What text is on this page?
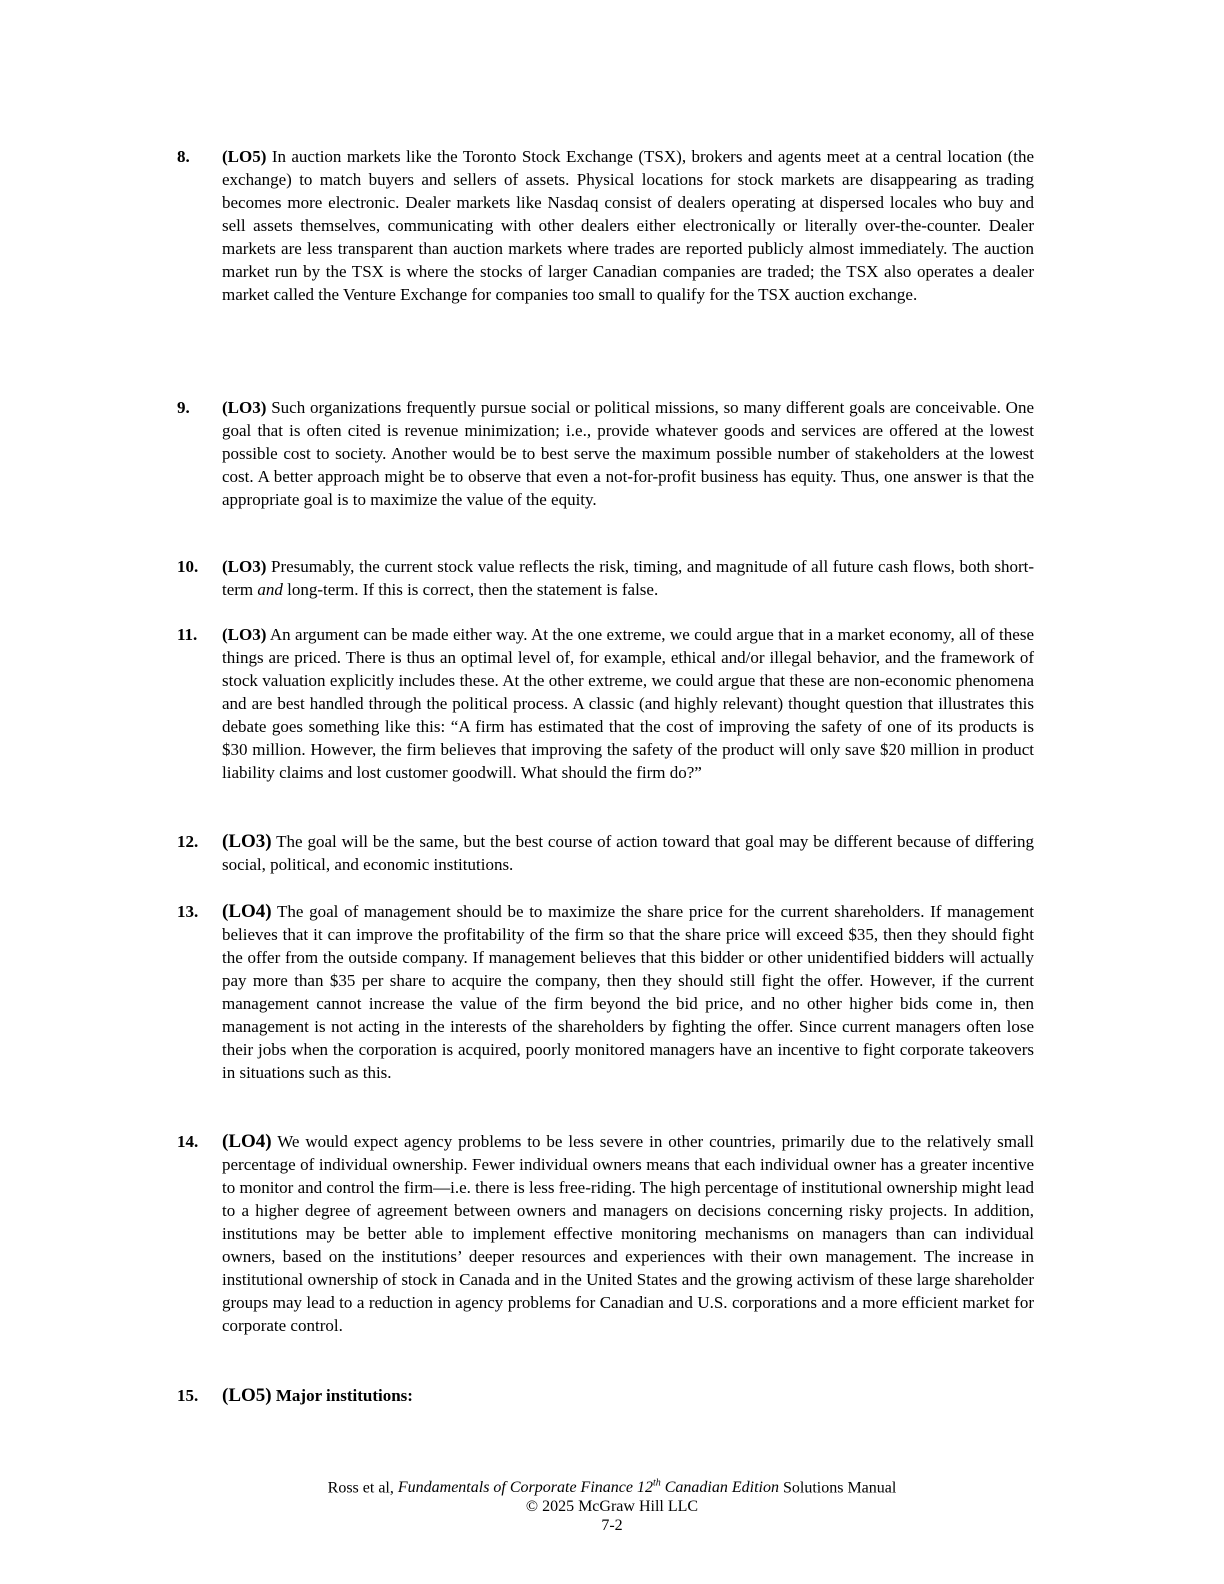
8. (LO5) In auction markets like the Toronto Stock Exchange (TSX), brokers and agents meet at a central location (the exchange) to match buyers and sellers of assets. Physical locations for stock markets are disappearing as trading becomes more electronic. Dealer markets like Nasdaq consist of dealers operating at dispersed locales who buy and sell assets themselves, communicating with other dealers either electronically or literally over-the-counter. Dealer markets are less transparent than auction markets where trades are reported publicly almost immediately. The auction market run by the TSX is where the stocks of larger Canadian companies are traded; the TSX also operates a dealer market called the Venture Exchange for companies too small to qualify for the TSX auction exchange.
9. (LO3) Such organizations frequently pursue social or political missions, so many different goals are conceivable. One goal that is often cited is revenue minimization; i.e., provide whatever goods and services are offered at the lowest possible cost to society. Another would be to best serve the maximum possible number of stakeholders at the lowest cost. A better approach might be to observe that even a not-for-profit business has equity. Thus, one answer is that the appropriate goal is to maximize the value of the equity.
10. (LO3) Presumably, the current stock value reflects the risk, timing, and magnitude of all future cash flows, both short-term and long-term. If this is correct, then the statement is false.
11. (LO3) An argument can be made either way. At the one extreme, we could argue that in a market economy, all of these things are priced. There is thus an optimal level of, for example, ethical and/or illegal behavior, and the framework of stock valuation explicitly includes these. At the other extreme, we could argue that these are non-economic phenomena and are best handled through the political process. A classic (and highly relevant) thought question that illustrates this debate goes something like this: “A firm has estimated that the cost of improving the safety of one of its products is $30 million. However, the firm believes that improving the safety of the product will only save $20 million in product liability claims and lost customer goodwill. What should the firm do?”
12. (LO3) The goal will be the same, but the best course of action toward that goal may be different because of differing social, political, and economic institutions.
13. (LO4) The goal of management should be to maximize the share price for the current shareholders. If management believes that it can improve the profitability of the firm so that the share price will exceed $35, then they should fight the offer from the outside company. If management believes that this bidder or other unidentified bidders will actually pay more than $35 per share to acquire the company, then they should still fight the offer. However, if the current management cannot increase the value of the firm beyond the bid price, and no other higher bids come in, then management is not acting in the interests of the shareholders by fighting the offer. Since current managers often lose their jobs when the corporation is acquired, poorly monitored managers have an incentive to fight corporate takeovers in situations such as this.
14. (LO4) We would expect agency problems to be less severe in other countries, primarily due to the relatively small percentage of individual ownership. Fewer individual owners means that each individual owner has a greater incentive to monitor and control the firm—i.e. there is less free-riding. The high percentage of institutional ownership might lead to a higher degree of agreement between owners and managers on decisions concerning risky projects. In addition, institutions may be better able to implement effective monitoring mechanisms on managers than can individual owners, based on the institutions’ deeper resources and experiences with their own management. The increase in institutional ownership of stock in Canada and in the United States and the growing activism of these large shareholder groups may lead to a reduction in agency problems for Canadian and U.S. corporations and a more efficient market for corporate control.
15. (LO5) Major institutions:
Ross et al, Fundamentals of Corporate Finance 12th Canadian Edition Solutions Manual
© 2025 McGraw Hill LLC
7-2
